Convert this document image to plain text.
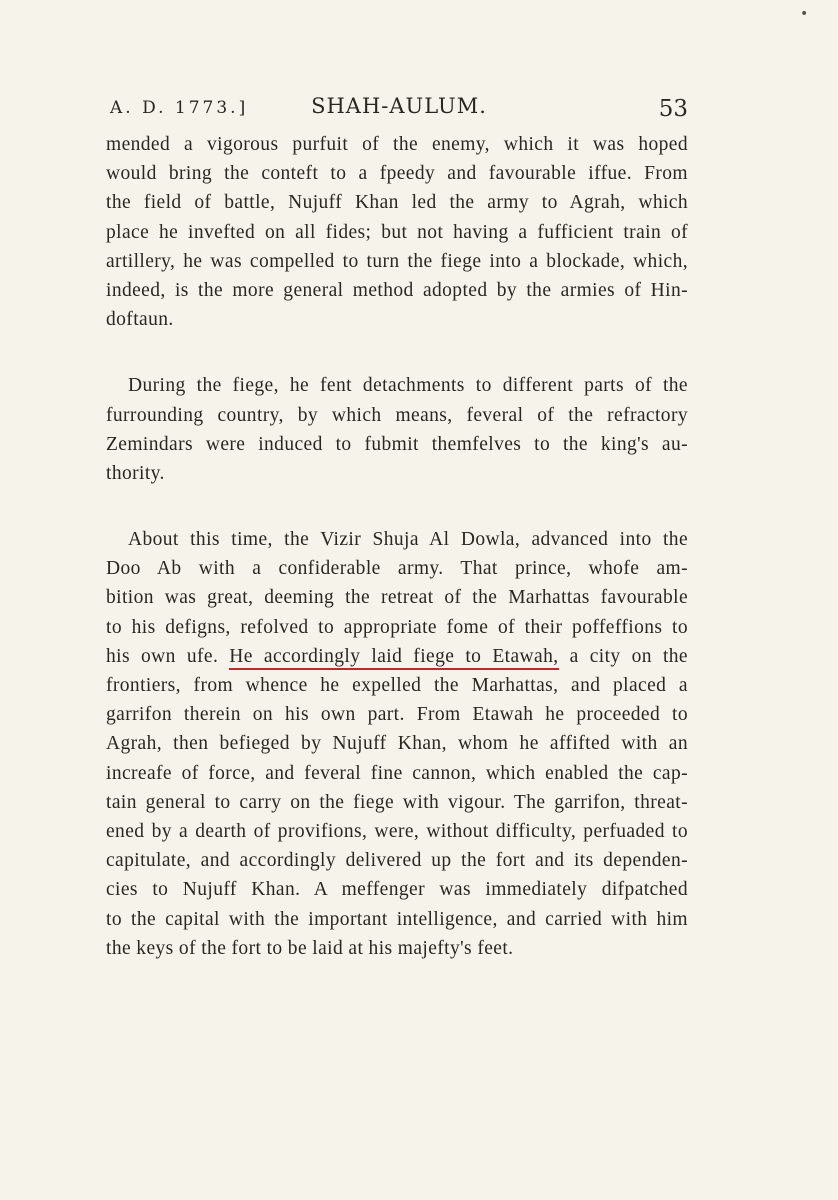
•
A. D. 1773.]	SHAH-AULUM.	53
mended a vigorous purfuit of the enemy, which it was hoped
would bring the conteft to a fpeedy and favourable iffue. From
the field of battle, Nujuff Khan led the army to Agrah, which
place he invefted on all fides; but not having a fufficient train of
artillery, he was compelled to turn the fiege into a blockade, which,
indeed, is the more general method adopted by the armies of Hin-
doftaun.
During the fiege, he fent detachments to different parts of the
furrounding country, by which means, feveral of the refractory
Zemindars were induced to fubmit themfelves to the king's au-
thority.
About this time, the Vizir Shuja Al Dowla, advanced into the
Doo Ab with a confiderable army. That prince, whofe am-
bition was great, deeming the retreat of the Marhattas favourable
to his defigns, refolved to appropriate fome of their poffeffions to
his own ufe. He accordingly laid fiege to Etawah, a city on the
frontiers, from whence he expelled the Marhattas, and placed a
garrifon therein on his own part. From Etawah he proceeded to
Agrah, then befieged by Nujuff Khan, whom he affifted with an
increafe of force, and feveral fine cannon, which enabled the cap-
tain general to carry on the fiege with vigour. The garrifon, threat-
ened by a dearth of provifions, were, without difficulty, perfuaded to
capitulate, and accordingly delivered up the fort and its dependen-
cies to Nujuff Khan. A meffenger was immediately difpatched
to the capital with the important intelligence, and carried with him
the keys of the fort to be laid at his majefty's feet.
